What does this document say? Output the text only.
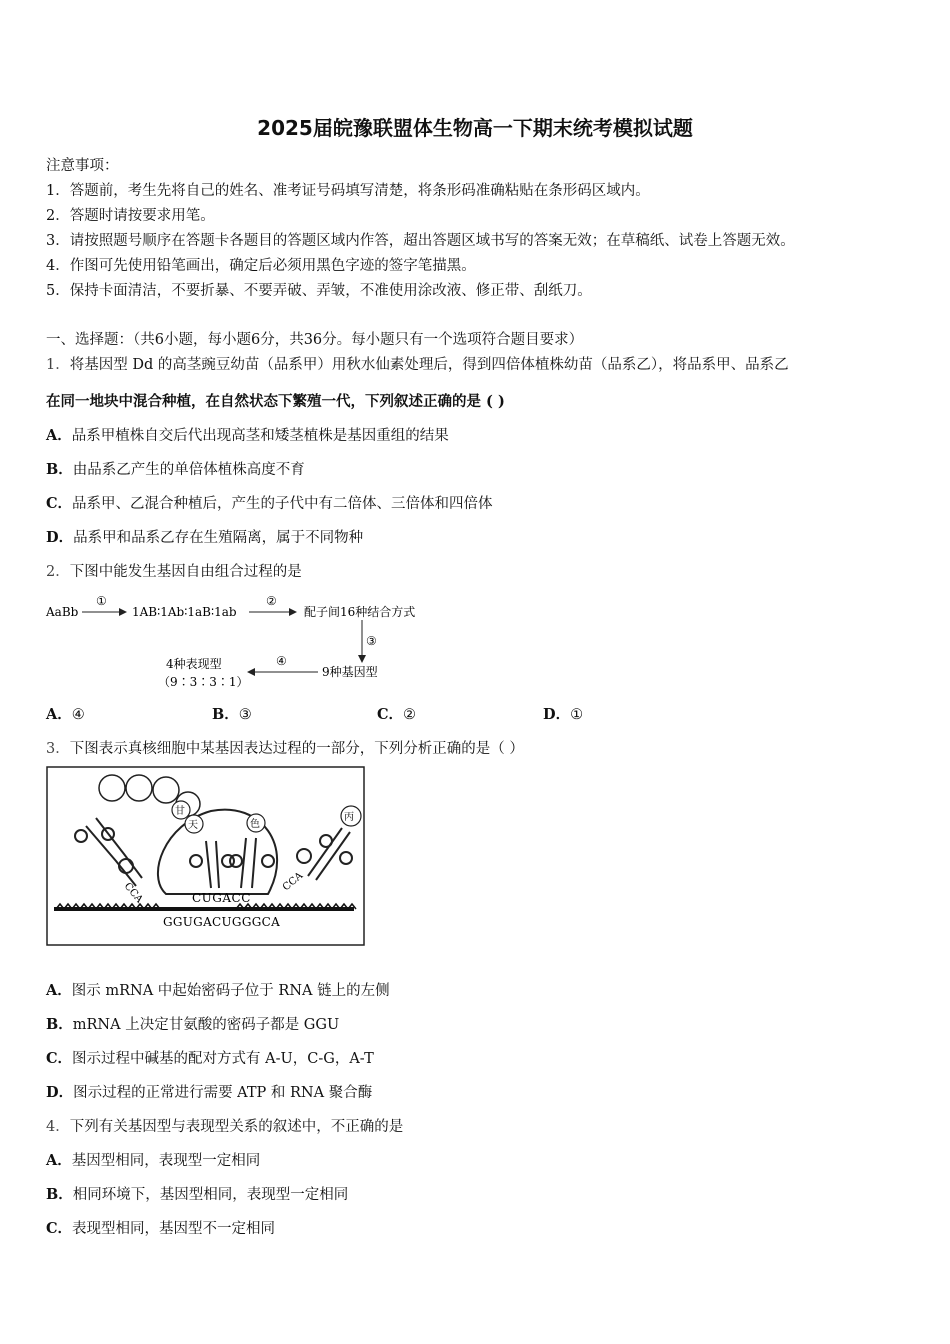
2025届皖豫联盟体生物高一下期末统考模拟试题
注意事项：
1．答题前，考生先将自己的姓名、准考证号码填写清楚，将条形码准确粘贴在条形码区域内。
2．答题时请按要求用笔。
3．请按照题号顺序在答题卡各题目的答题区域内作答，超出答题区域书写的答案无效；在草稿纸、试卷上答题无效。
4．作图可先使用铅笔画出，确定后必须用黑色字迹的签字笔描黑。
5．保持卡面清洁，不要折暴、不要弄破、弄皱，不准使用涂改液、修正带、刮纸刀。
一、选择题：（共6小题，每小题6分，共36分。每小题只有一个选项符合题目要求）
1．将基因型 Dd 的高茎豌豆幼苗（品系甲）用秋水仙素处理后，得到四倍体植株幼苗（品系乙），将品系甲、品系乙
在同一地块中混合种植，在自然状态下繁殖一代，下列叙述正确的是 ( )
A．品系甲植株自交后代出现高茎和矮茎植株是基因重组的结果
B．由品系乙产生的单倍体植株高度不育
C．品系甲、乙混合种植后，产生的子代中有二倍体、三倍体和四倍体
D．品系甲和品系乙存在生殖隔离，属于不同物种
2．下图中能发生基因自由组合过程的是
AaBb
①
1AB∶1Ab∶1aB∶1ab
②
配子间16种结合方式
③
9种基因型
④
4种表现型
（9∶3∶3∶1）
A．④	B．③	C．②	D．①
3．下图表示真核细胞中某基因表达过程的一部分，下列分析正确的是（ ）
甘
天	色
丙
CCA	CCA
CUGACC
GGUGACUGGGCA
A．图示 mRNA 中起始密码子位于 RNA 链上的左侧
B．mRNA 上决定甘氨酸的密码子都是 GGU
C．图示过程中碱基的配对方式有 A-U，C-G，A-T
D．图示过程的正常进行需要 ATP 和 RNA 聚合酶
4．下列有关基因型与表现型关系的叙述中，不正确的是
A．基因型相同，表现型一定相同
B．相同环境下，基因型相同，表现型一定相同
C．表现型相同，基因型不一定相同
